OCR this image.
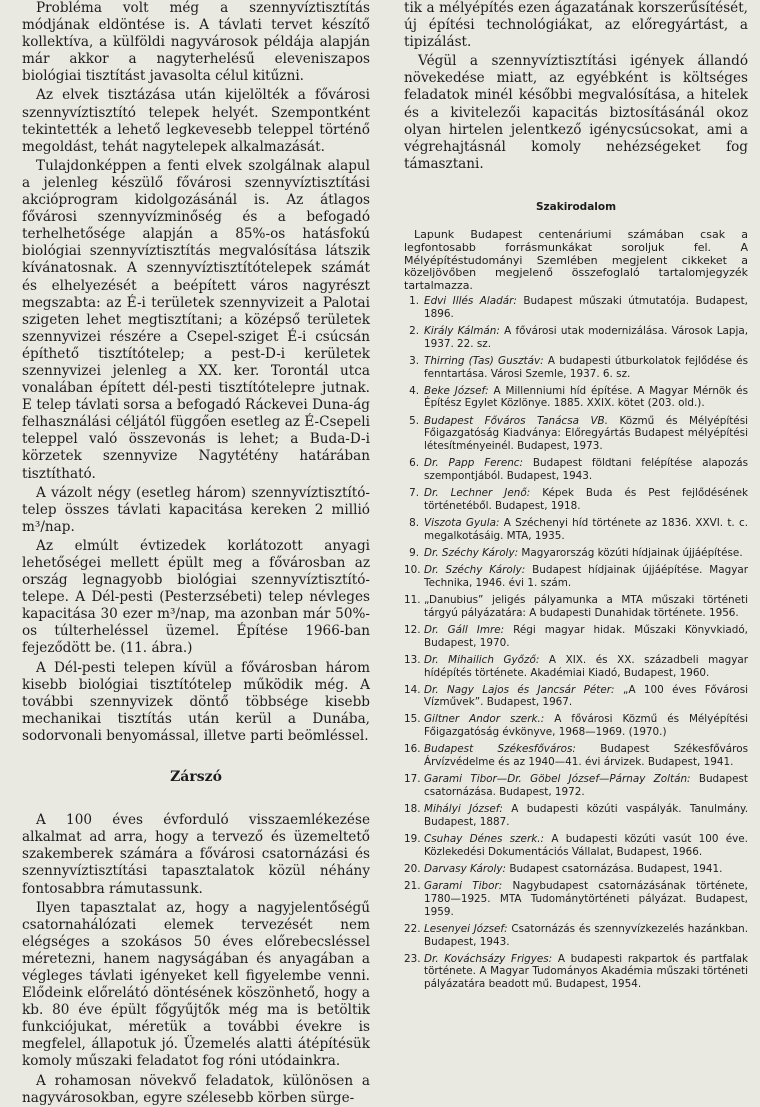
Probléma volt még a szennyvíztisztítás módjának eldöntése is. A távlati tervet készítő kollektíva, a külföldi nagyvárosok példája alapján már akkor a nagyterhelésű eleveniszapos biológiai tisztítást javasolta célul kitűzni.

Az elvek tisztázása után kijelölték a fővárosi szennyvíztisztító telepek helyét. Szempontként tekintették a lehető legkevesebb teleppel történő megoldást, tehát nagytelepek alkalmazását.

Tulajdonképpen a fenti elvek szolgálnak alapul a jelenleg készülő fővárosi szennyvíztisztítási akcióprogram kidolgozásánál is. Az átlagos fővárosi szennyvízminőség és a befogadó terhelhetősége alapján a 85%-os hatásfokú biológiai szennyvíztisztítás megvalósítása látszik kívánatosnak. A szennyvíztisztítótelepek számát és elhelyezését a beépített város nagyrészt megszabta: az É-i területek szennyvizeit a Palotai szigeten lehet megtisztítani; a középső területek szennyvizei részére a Csepel-sziget É-i csúcsán építhető tisztítótelep; a pest-D-i kerületek szennyvizei jelenleg a XX. ker. Torontál utca vonalában épített dél-pesti tisztítótelepre jutnak. E telep távlati sorsa a befogadó Ráckevei Duna-ág felhasználási céljától függően esetleg az É-Csepeli teleppel való összevonás is lehet; a Buda-D-i körzetek szennyvize Nagytétény határában tisztítható.

A vázolt négy (esetleg három) szennyvíztisztító-telep összes távlati kapacitása kereken 2 millió m³/nap.

Az elmúlt évtizedek korlátozott anyagi lehetőségei mellett épült meg a fővárosban az ország legnagyobb biológiai szennyvíztisztító-telepe. A Dél-pesti (Pesterzsébeti) telep névleges kapacitása 30 ezer m³/nap, ma azonban már 50%-os túlterheléssel üzemel. Építése 1966-ban fejeződött be. (11. ábra.)

A Dél-pesti telepen kívül a fővárosban három kisebb biológiai tisztítótelep működik még. A további szennyvizek döntő többsége kisebb mechanikai tisztítás után kerül a Dunába, sodorvonali benyomással, illetve parti beömléssel.

Zárszó

A 100 éves évforduló visszaemlékezése alkalmat ad arra, hogy a tervező és üzemeltető szakemberek számára a fővárosi csatornázási és szennyvíztisztítási tapasztalatok közül néhány fontosabbra rámutassunk.

Ilyen tapasztalat az, hogy a nagyjelentőségű csatornahálózati elemek tervezését nem elégséges a szokásos 50 éves előrebecsléssel méretezni, hanem nagyságában és anyagában a végleges távlati igényeket kell figyelembe venni. Elődeink előrelátó döntésének köszönhető, hogy a kb. 80 éve épült főgyűjtők még ma is betöltik funkciójukat, méretük a további évekre is megfelel, állapotuk jó. Üzemelés alatti átépítésük komoly műszaki feladatot fog róni utódainkra.

A rohamosan növekvő feladatok, különösen a nagyvárosokban, egyre szélesebb körben sürge-

tik a mélyépítés ezen ágazatának korszerűsítését, új építési technológiákat, az előregyártást, a tipizálást.

Végül a szennyvíztisztítási igények állandó növekedése miatt, az egyébként is költséges feladatok minél későbbi megvalósítása, a hitelek és a kivitelezői kapacitás biztosításánál okoz olyan hirtelen jelentkező igénycsúcsokat, ami a végrehajtásnál komoly nehézségeket fog támasztani.

Szakirodalom

Lapunk Budapest centenáriumi számában csak a legfontosabb forrásmunkákat soroljuk fel. A Mélyépítéstudományi Szemlében megjelent cikkeket a közeljövőben megjelenő összefoglaló tartalomjegyzék tartalmazza.

1. Edvi Illés Aladár: Budapest műszaki útmutatója. Budapest, 1896.
2. Király Kálmán: A fővárosi utak modernizálása. Városok Lapja, 1937. 22. sz.
3. Thirring (Tas) Gusztáv: A budapesti útburkolatok fejlődése és fenntartása. Városi Szemle, 1937. 6. sz.
4. Beke József: A Millenniumi híd építése. A Magyar Mérnök és Építész Egylet Közlönye. 1885. XXIX. kötet (203. old.).
5. Budapest Főváros Tanácsa VB. Közmű és Mélyépítési Főigazgatóság Kiadványa: Előregyártás Budapest mélyépítési létesítményeinél. Budapest, 1973.
6. Dr. Papp Ferenc: Budapest földtani felépítése alapozás szempontjából. Budapest, 1943.
7. Dr. Lechner Jenő: Képek Buda és Pest fejlődésének történetéből. Budapest, 1918.
8. Viszota Gyula: A Széchenyi híd története az 1836. XXVI. t. c. megalkotásáig. MTA, 1935.
9. Dr. Széchy Károly: Magyarország közúti hídjainak újjáépítése.
10. Dr. Széchy Károly: Budapest hídjainak újjáépítése. Magyar Technika, 1946. évi 1. szám.
11. „Danubius” jeligés pályamunka a MTA műszaki történeti tárgyú pályázatára: A budapesti Dunahidak története. 1956.
12. Dr. Gáll Imre: Régi magyar hidak. Műszaki Könyvkiadó, Budapest, 1970.
13. Dr. Mihailich Győző: A XIX. és XX. századbeli magyar hídépítés története. Akadémiai Kiadó, Budapest, 1960.
14. Dr. Nagy Lajos és Jancsár Péter: „A 100 éves Fővárosi Vízművek”. Budapest, 1967.
15. Giltner Andor szerk.: A fővárosi Közmű és Mélyépítési Főigazgatóság évkönyve, 1968—1969. (1970.)
16. Budapest Székesfőváros: Budapest Székesfőváros Árvízvédelme és az 1940—41. évi árvizek. Budapest, 1941.
17. Garami Tibor—Dr. Göbel József—Párnay Zoltán: Budapest csatornázása. Budapest, 1972.
18. Mihályi József: A budapesti közúti vaspályák. Tanulmány. Budapest, 1887.
19. Csuhay Dénes szerk.: A budapesti közúti vasút 100 éve. Közlekedési Dokumentációs Vállalat, Budapest, 1966.
20. Darvasy Károly: Budapest csatornázása. Budapest, 1941.
21. Garami Tibor: Nagybudapest csatornázásának története, 1780—1925. MTA Tudománytörténeti pályázat. Budapest, 1959.
22. Lesenyei József: Csatornázás és szennyvízkezelés hazánkban. Budapest, 1943.
23. Dr. Kováchsázy Frigyes: A budapesti rakpartok és partfalak története. A Magyar Tudományos Akadémia műszaki történeti pályázatára beadott mű. Budapest, 1954.
